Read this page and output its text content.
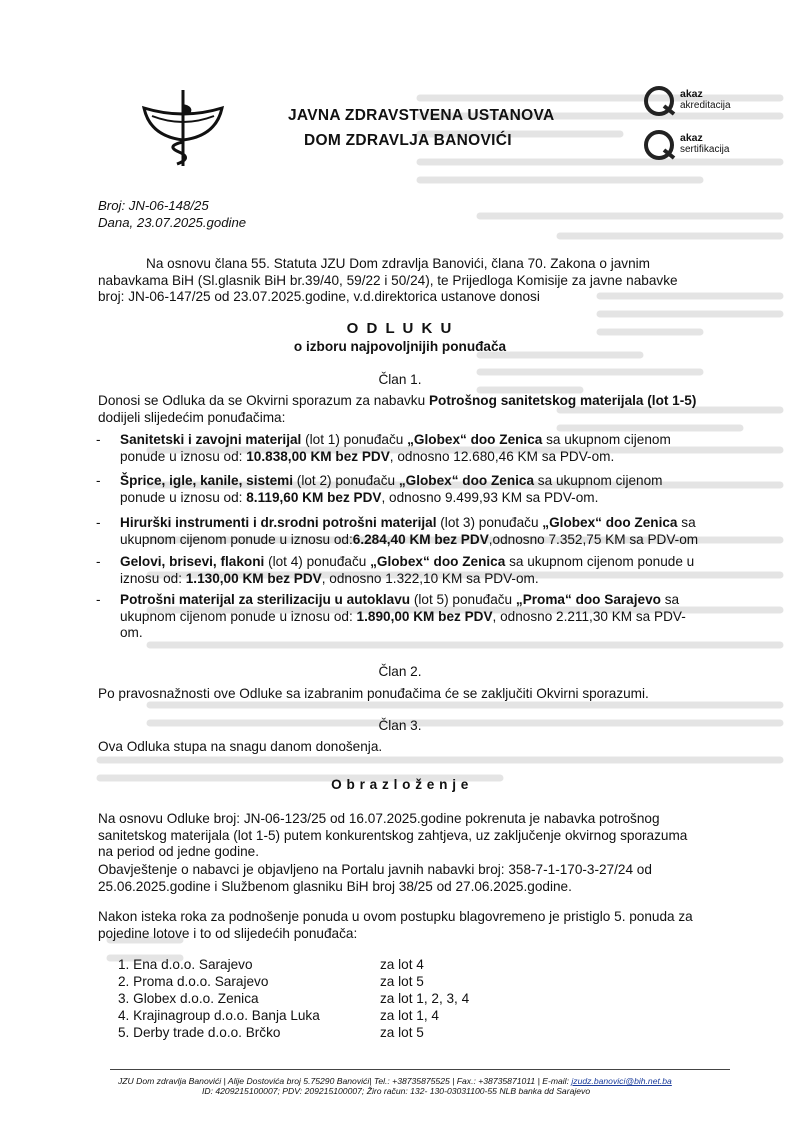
JAVNA ZDRAVSTVENA USTANOVA
DOM ZDRAVLJA BANOVIĆI
akaz
akreditacija
akaz
sertifikacija
Broj: JN-06-148/25
Dana, 23.07.2025.godine
Na osnovu člana 55. Statuta JZU Dom zdravlja Banovići, člana 70. Zakona o javnim
nabavkama BiH (Sl.glasnik BiH br.39/40, 59/22 i 50/24), te Prijedloga Komisije za javne nabavke
broj: JN-06-147/25 od 23.07.2025.godine, v.d.direktorica ustanove donosi
O D L U K U
o izboru najpovoljnijih ponuđača
Član 1.
Donosi se Odluka da se Okvirni sporazum za nabavku Potrošnog sanitetskog materijala (lot 1-5)
dodijeli slijedećim ponuđačima:
- Sanitetski i zavojni materijal (lot 1) ponuđaču „Globex“ doo Zenica sa ukupnom cijenom
ponude u iznosu od: 10.838,00 KM bez PDV, odnosno 12.680,46 KM sa PDV-om.
- Šprice, igle, kanile, sistemi (lot 2) ponuđaču „Globex“ doo Zenica sa ukupnom cijenom
ponude u iznosu od: 8.119,60 KM bez PDV, odnosno 9.499,93 KM sa PDV-om.
- Hirurški instrumenti i dr.srodni potrošni materijal (lot 3) ponuđaču „Globex“ doo Zenica sa
ukupnom cijenom ponude u iznosu od:6.284,40 KM bez PDV,odnosno 7.352,75 KM sa PDV-om
- Gelovi, brisevi, flakoni (lot 4) ponuđaču „Globex“ doo Zenica sa ukupnom cijenom ponude u
iznosu od: 1.130,00 KM bez PDV, odnosno 1.322,10 KM sa PDV-om.
- Potrošni materijal za sterilizaciju u autoklavu (lot 5) ponuđaču „Proma“ doo Sarajevo sa
ukupnom cijenom ponude u iznosu od: 1.890,00 KM bez PDV, odnosno 2.211,30 KM sa PDV-
om.
Član 2.
Po pravosnažnosti ove Odluke sa izabranim ponuđačima će se zaključiti Okvirni sporazumi.
Član 3.
Ova Odluka stupa na snagu danom donošenja.
O b r a z l o ž e n j e
Na osnovu Odluke broj: JN-06-123/25 od 16.07.2025.godine pokrenuta je nabavka potrošnog
sanitetskog materijala (lot 1-5) putem konkurentskog zahtjeva, uz zaključenje okvirnog sporazuma
na period od jedne godine.
Obavještenje o nabavci je objavljeno na Portalu javnih nabavki broj: 358-7-1-170-3-27/24 od
25.06.2025.godine i Službenom glasniku BiH broj 38/25 od 27.06.2025.godine.
Nakon isteka roka za podnošenje ponuda u ovom postupku blagovremeno je pristiglo 5. ponuda za
pojedine lotove i to od slijedećih ponuđača:
1. Ena d.o.o. Sarajevo	za lot 4
2. Proma d.o.o. Sarajevo	za lot 5
3. Globex d.o.o. Zenica	za lot 1, 2, 3, 4
4. Krajinagroup d.o.o. Banja Luka	za lot 1, 4
5. Derby trade d.o.o. Brčko	za lot 5
JZU Dom zdravlja Banovići | Alije Dostovića broj 5.75290 Banovići| Tel.: +38735875525 | Fax.: +38735871011 | E-mail: jzudz.banovici@bih.net.ba
ID: 4209215100007; PDV: 209215100007; Žiro račun: 132- 130-03031100-55 NLB banka dd Sarajevo
